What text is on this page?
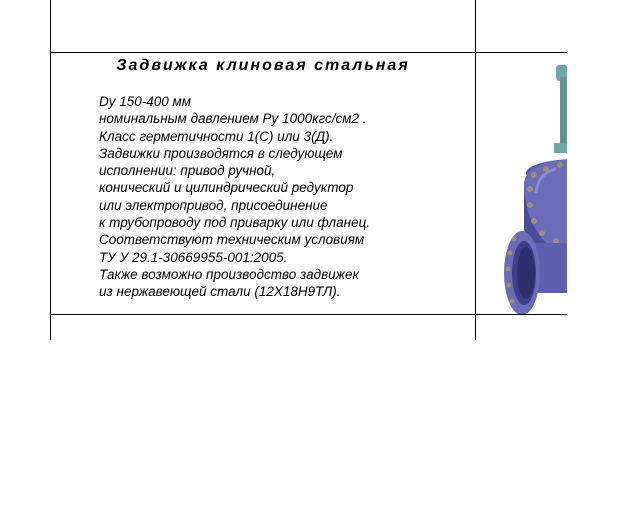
Задвижка клиновая стальная
Dy 150-400 мм
номинальным давлением Py 1000кгс/см2 .
Класс герметичности 1(С) или 3(Д).
Задвижки производятся в следующем
исполнении: привод ручной,
конический и цилиндрический редуктор
или электропривод, присоединение
к трубопроводу под приварку или фланец.
Соответствуют техническим условиям
ТУ У 29.1-30669955-001:2005.
Также возможно производство задвижек
из нержавеющей стали (12Х18Н9ТЛ).
